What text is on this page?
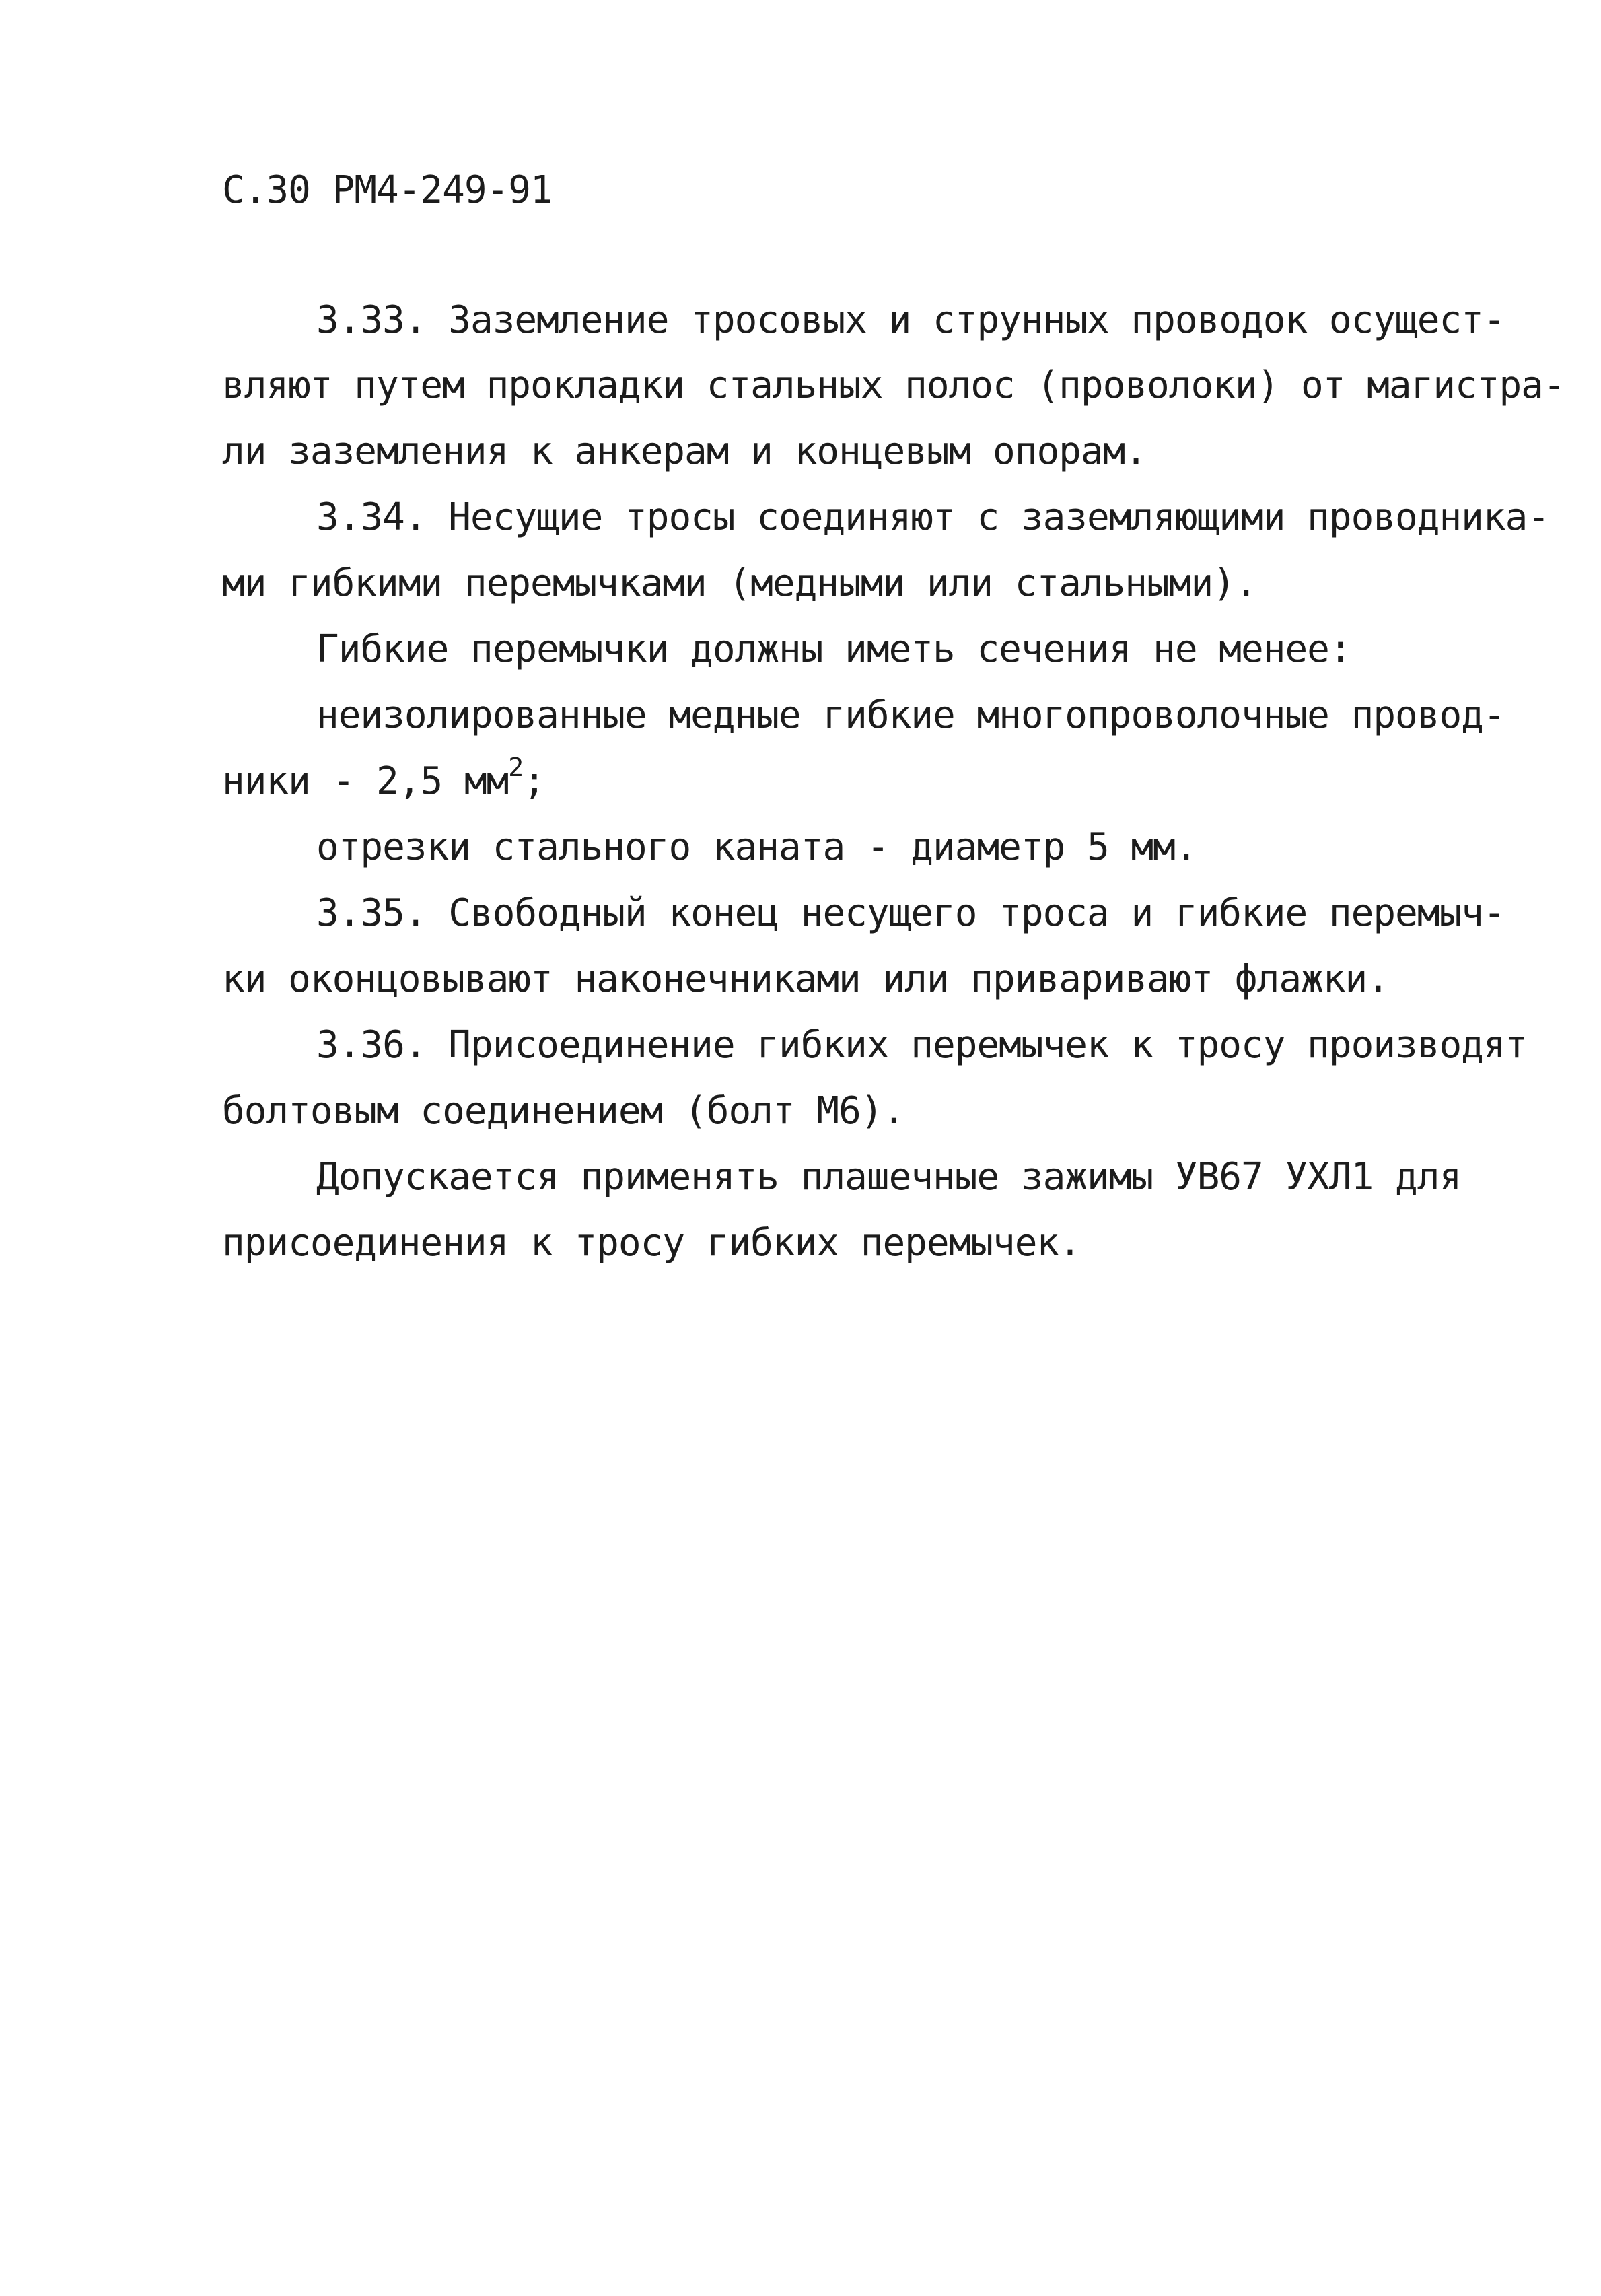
С.30 РМ4-249-91
3.33. Заземление тросовых и струнных проводок осущест-
вляют путем прокладки стальных полос (проволоки) от магистра-
ли заземления к анкерам и концевым опорам.
3.34. Несущие тросы соединяют с заземляющими проводника-
ми гибкими перемычками (медными или стальными).
Гибкие перемычки должны иметь сечения не менее:
неизолированные медные гибкие многопроволочные провод-
ники - 2,5 $мм^2$;
отрезки стального каната - диаметр 5 мм.
3.35. Свободный конец несущего троса и гибкие перемыч-
ки оконцовывают наконечниками или приваривают флажки.
3.36. Присоединение гибких перемычек к тросу производят
болтовым соединением (болт М6).
Допускается применять плашечные зажимы УВ67 УХЛ1 для
присоединения к тросу гибких перемычек.
